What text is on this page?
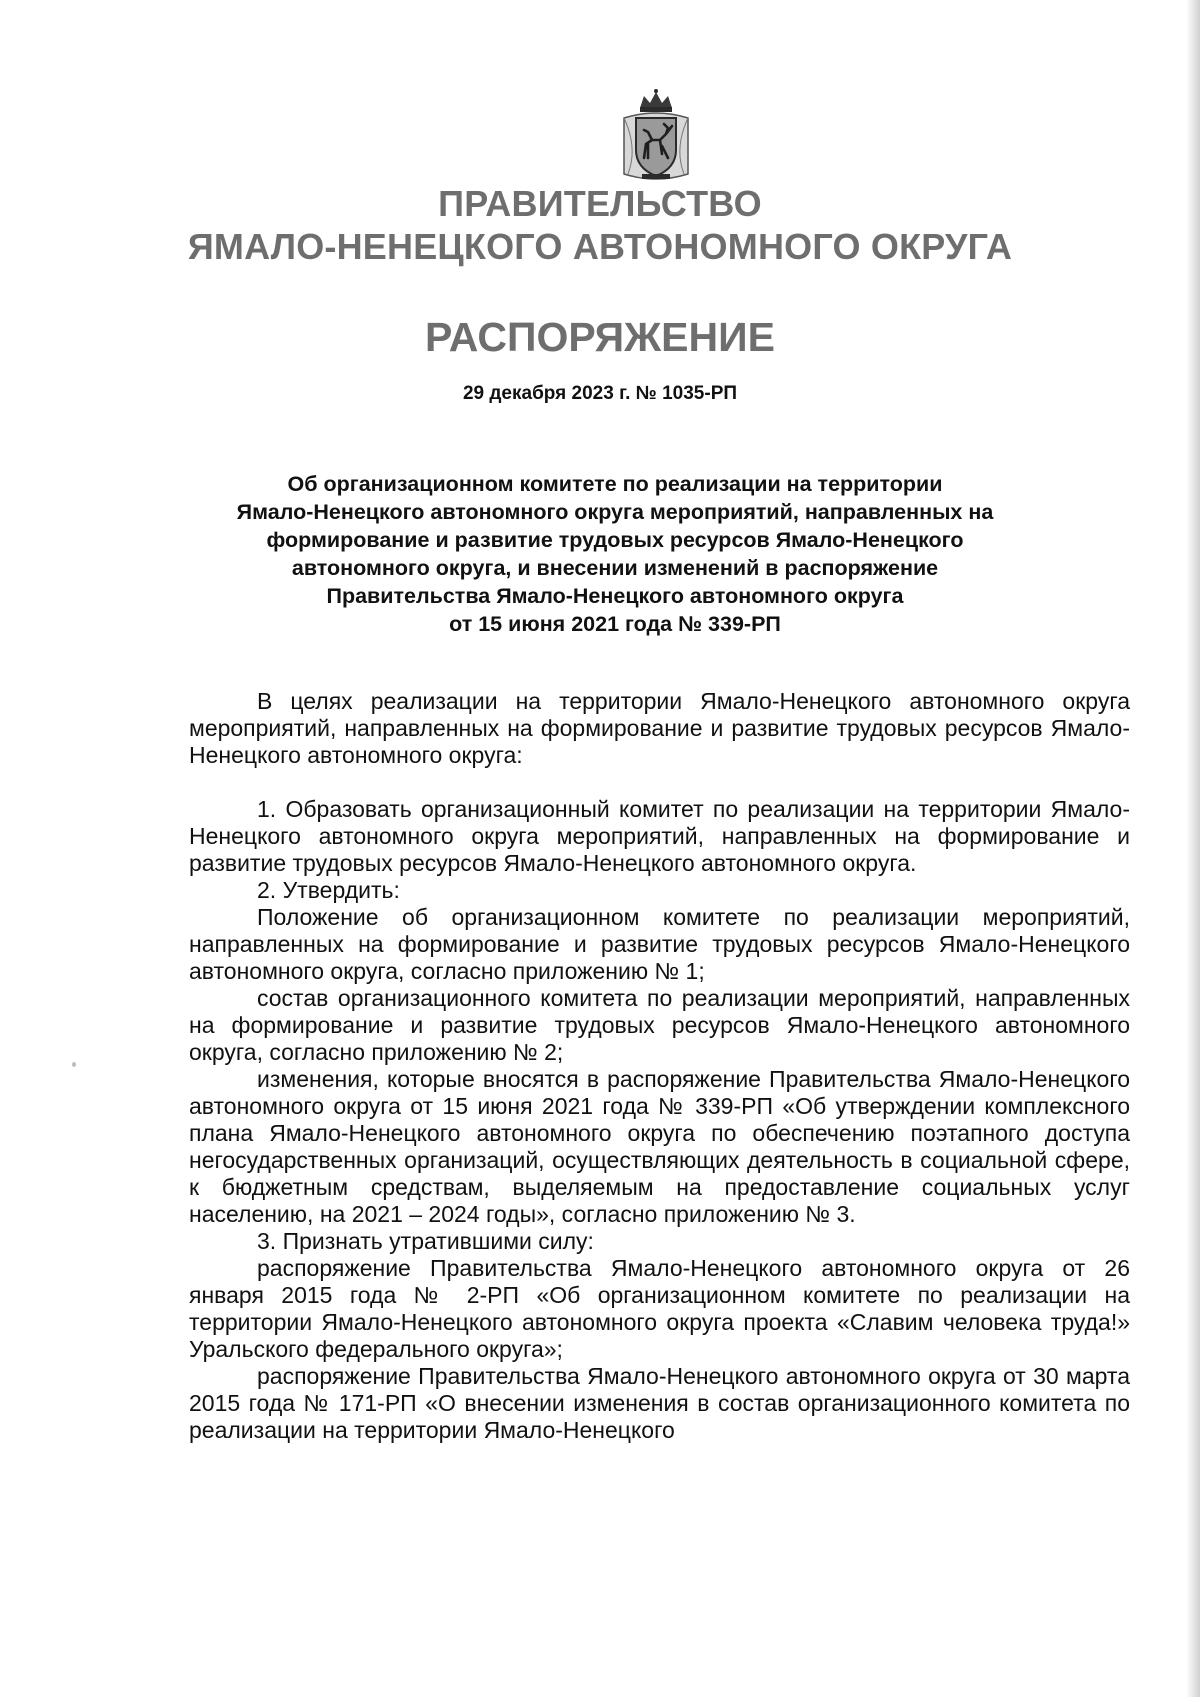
ПРАВИТЕЛЬСТВО
ЯМАЛО-НЕНЕЦКОГО АВТОНОМНОГО ОКРУГА
РАСПОРЯЖЕНИЕ
29 декабря 2023 г. № 1035-РП
Об организационном комитете по реализации на территории
Ямало-Ненецкого автономного округа мероприятий, направленных на
формирование и развитие трудовых ресурсов Ямало-Ненецкого
автономного округа, и внесении изменений в распоряжение
Правительства Ямало-Ненецкого автономного округа
от 15 июня 2021 года № 339-РП

В целях реализации на территории Ямало-Ненецкого автономного округа мероприятий, направленных на формирование и развитие трудовых ресурсов Ямало-Ненецкого автономного округа:

1. Образовать организационный комитет по реализации на территории Ямало-Ненецкого автономного округа мероприятий, направленных на формирование и развитие трудовых ресурсов Ямало-Ненецкого автономного округа.

2. Утвердить:

Положение об организационном комитете по реализации мероприятий, направленных на формирование и развитие трудовых ресурсов Ямало-Ненецкого автономного округа, согласно приложению № 1;

состав организационного комитета по реализации мероприятий, направленных на формирование и развитие трудовых ресурсов Ямало-Ненецкого автономного округа, согласно приложению № 2;

изменения, которые вносятся в распоряжение Правительства Ямало-Ненецкого автономного округа от 15 июня 2021 года № 339-РП «Об утверждении комплексного плана Ямало-Ненецкого автономного округа по обеспечению поэтапного доступа негосударственных организаций, осуществляющих деятельность в социальной сфере, к бюджетным средствам, выделяемым на предоставление социальных услуг населению, на 2021 – 2024 годы», согласно приложению № 3.

3. Признать утратившими силу:

распоряжение Правительства Ямало-Ненецкого автономного округа от 26 января 2015 года № 2-РП «Об организационном комитете по реализации на территории Ямало-Ненецкого автономного округа проекта «Славим человека труда!» Уральского федерального округа»;

распоряжение Правительства Ямало-Ненецкого автономного округа от 30 марта 2015 года № 171-РП «О внесении изменения в состав организационного комитета по реализации на территории Ямало-Ненецкого
